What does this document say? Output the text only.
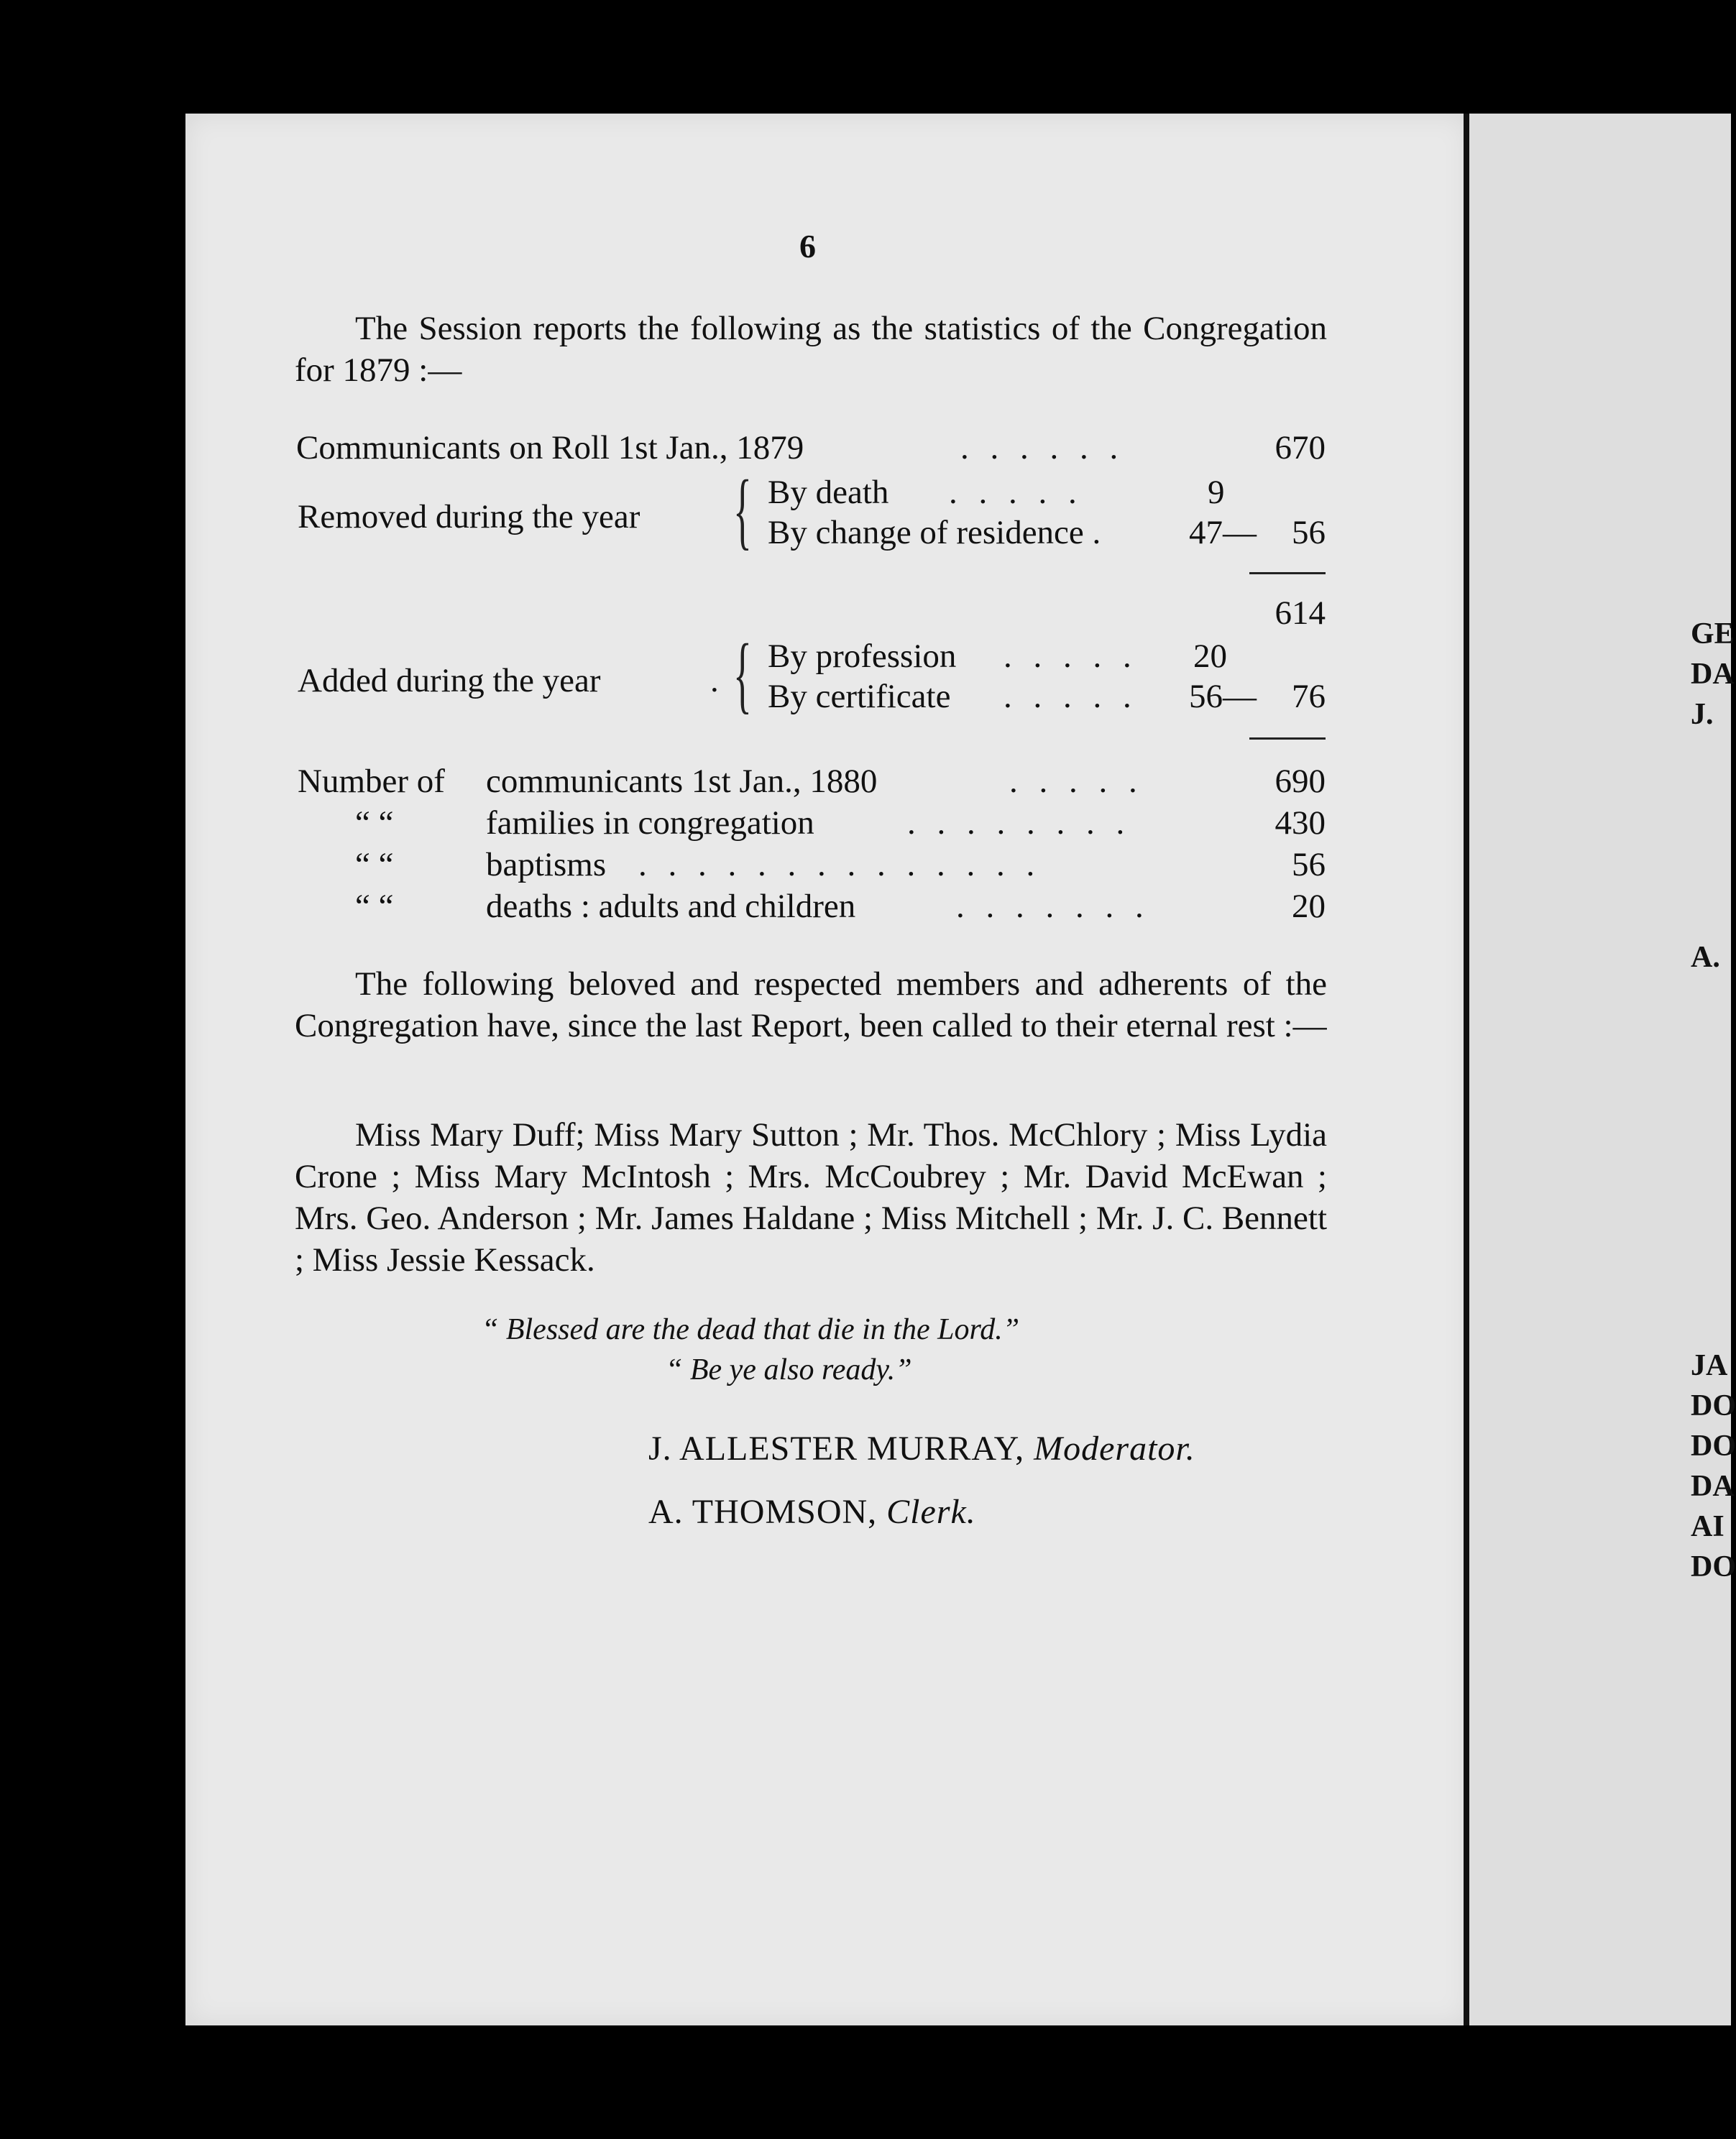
6
The Session reports the following as the statistics of the Congregation for 1879 :—
Communicants on Roll 1st Jan., 1879	. . . . . .	670
Removed during the year { By death . . . . .	9
By change of residence .	47—	56
614
Added during the year	. { By profession . . . . . 20
By certificate . . . . . 56—	76
Number of communicants 1st Jan., 1880	. . . . .	690
“ “	families in congregation	. . . . . . . .	430
“ “	baptisms . . . . . . . . . . . . . .	56
“ “	deaths : adults and children	. . . . . . .	20
The following beloved and respected members and adherents of the Congregation have, since the last Report, been called to their eternal rest :—
Miss Mary Duff; Miss Mary Sutton ; Mr. Thos. McChlory ; Miss Lydia Crone ; Miss Mary McIntosh ; Mrs. McCoubrey ; Mr. David McEwan ; Mrs. Geo. Anderson ; Mr. James Haldane ; Miss Mitchell ; Mr. J. C. Bennett ; Miss Jessie Kessack.
“ Blessed are the dead that die in the Lord.”
“ Be ye also ready.”
J. ALLESTER MURRAY, Moderator.
A. THOMSON, Clerk.
GE
DA
J.
A.
JA
DO
DO
DA
AI
DO
